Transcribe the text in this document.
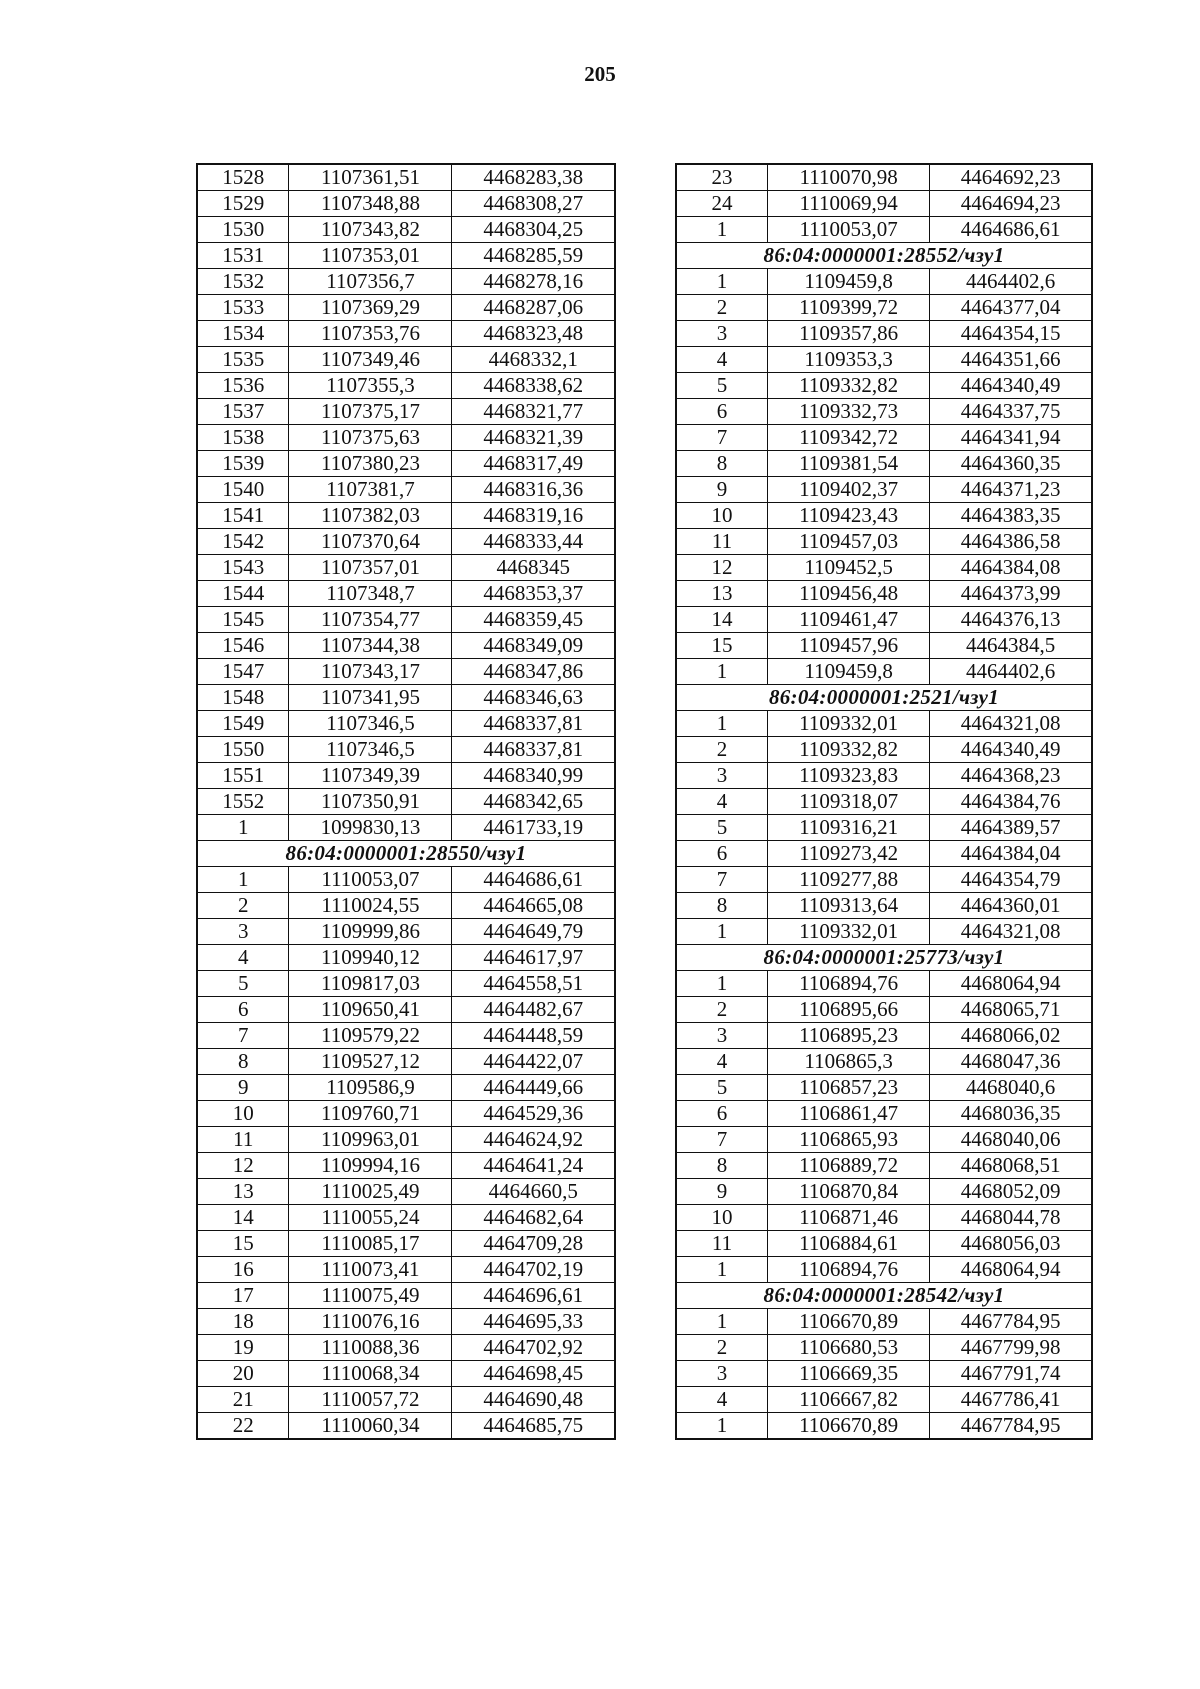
205
1528	1107361,51	4468283,38
1529	1107348,88	4468308,27
1530	1107343,82	4468304,25
1531	1107353,01	4468285,59
1532	1107356,7	4468278,16
1533	1107369,29	4468287,06
1534	1107353,76	4468323,48
1535	1107349,46	4468332,1
1536	1107355,3	4468338,62
1537	1107375,17	4468321,77
1538	1107375,63	4468321,39
1539	1107380,23	4468317,49
1540	1107381,7	4468316,36
1541	1107382,03	4468319,16
1542	1107370,64	4468333,44
1543	1107357,01	4468345
1544	1107348,7	4468353,37
1545	1107354,77	4468359,45
1546	1107344,38	4468349,09
1547	1107343,17	4468347,86
1548	1107341,95	4468346,63
1549	1107346,5	4468337,81
1550	1107346,5	4468337,81
1551	1107349,39	4468340,99
1552	1107350,91	4468342,65
1	1099830,13	4461733,19
86:04:0000001:28550/чзу1		
1	1110053,07	4464686,61
2	1110024,55	4464665,08
3	1109999,86	4464649,79
4	1109940,12	4464617,97
5	1109817,03	4464558,51
6	1109650,41	4464482,67
7	1109579,22	4464448,59
8	1109527,12	4464422,07
9	1109586,9	4464449,66
10	1109760,71	4464529,36
11	1109963,01	4464624,92
12	1109994,16	4464641,24
13	1110025,49	4464660,5
14	1110055,24	4464682,64
15	1110085,17	4464709,28
16	1110073,41	4464702,19
17	1110075,49	4464696,61
18	1110076,16	4464695,33
19	1110088,36	4464702,92
20	1110068,34	4464698,45
21	1110057,72	4464690,48
22	1110060,34	4464685,75
23	1110070,98	4464692,23
24	1110069,94	4464694,23
1	1110053,07	4464686,61
86:04:0000001:28552/чзу1		
1	1109459,8	4464402,6
2	1109399,72	4464377,04
3	1109357,86	4464354,15
4	1109353,3	4464351,66
5	1109332,82	4464340,49
6	1109332,73	4464337,75
7	1109342,72	4464341,94
8	1109381,54	4464360,35
9	1109402,37	4464371,23
10	1109423,43	4464383,35
11	1109457,03	4464386,58
12	1109452,5	4464384,08
13	1109456,48	4464373,99
14	1109461,47	4464376,13
15	1109457,96	4464384,5
1	1109459,8	4464402,6
86:04:0000001:2521/чзу1		
1	1109332,01	4464321,08
2	1109332,82	4464340,49
3	1109323,83	4464368,23
4	1109318,07	4464384,76
5	1109316,21	4464389,57
6	1109273,42	4464384,04
7	1109277,88	4464354,79
8	1109313,64	4464360,01
1	1109332,01	4464321,08
86:04:0000001:25773/чзу1		
1	1106894,76	4468064,94
2	1106895,66	4468065,71
3	1106895,23	4468066,02
4	1106865,3	4468047,36
5	1106857,23	4468040,6
6	1106861,47	4468036,35
7	1106865,93	4468040,06
8	1106889,72	4468068,51
9	1106870,84	4468052,09
10	1106871,46	4468044,78
11	1106884,61	4468056,03
1	1106894,76	4468064,94
86:04:0000001:28542/чзу1		
1	1106670,89	4467784,95
2	1106680,53	4467799,98
3	1106669,35	4467791,74
4	1106667,82	4467786,41
1	1106670,89	4467784,95
